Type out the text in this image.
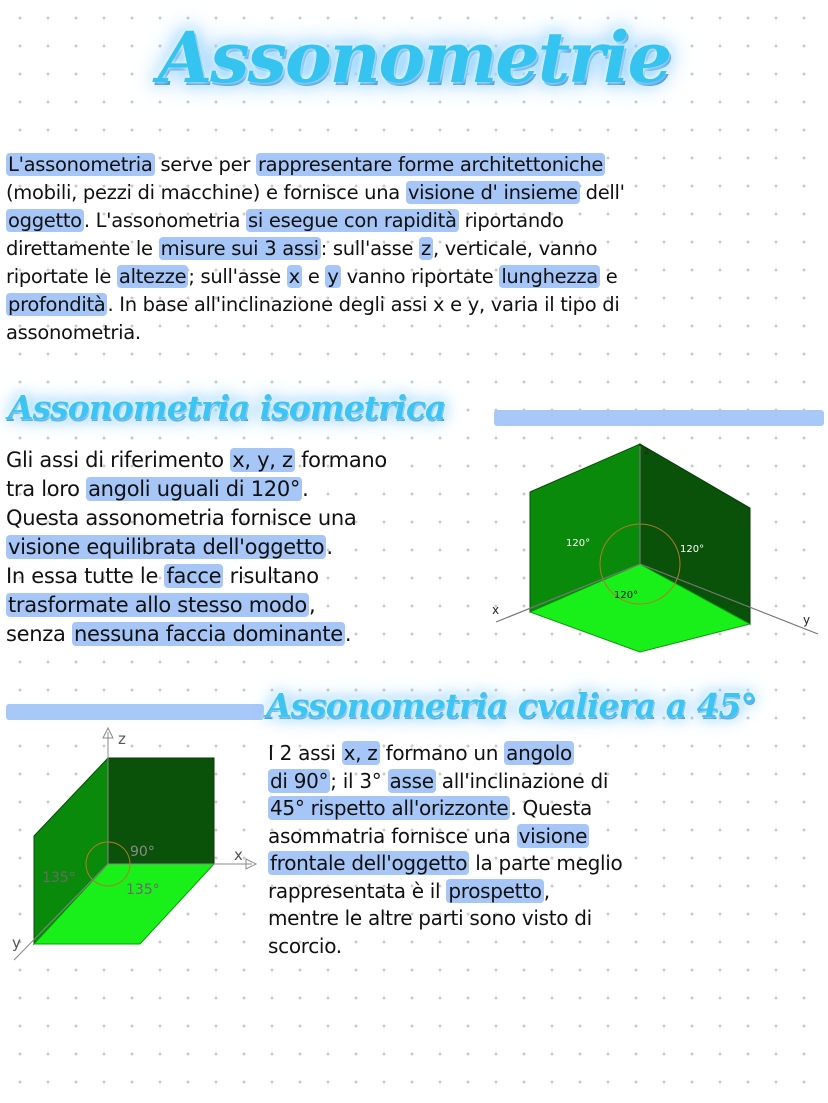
Assonometrie
L'assonometria serve per rappresentare forme architettoniche
(mobili, pezzi di macchine) e fornisce una visione d' insieme dell'
oggetto . L'assonometria si esegue con rapidità riportando
direttamente le misure sui 3 assi : sull'asse z , verticale, vanno
riportate le altezze ; sull'asse x e y vanno riportate lunghezza e
profondità . In base all'inclinazione degli assi x e y, varia il tipo di
assonometria.
Assonometria isometrica
Gli assi di riferimento x, y, z formano
tra loro angoli uguali di 120°.
Questa assonometria fornisce una
visione equilibrata dell'oggetto.
In essa tutte le facce risultano
trasformate allo stesso modo,
senza nessuna faccia dominante.
z
x
y
120°
120°
120°
Assonometria cvaliera a 45°
z
x
y
90°
135°
135°
I 2 assi x, z formano un angolo
di 90° ; il 3° asse all'inclinazione di
45° rispetto all'orizzonte . Questa
asommatria fornisce una visione
frontale dell'oggetto la parte meglio
rappresentata è il prospetto ,
mentre le altre parti sono visto di
scorcio.
